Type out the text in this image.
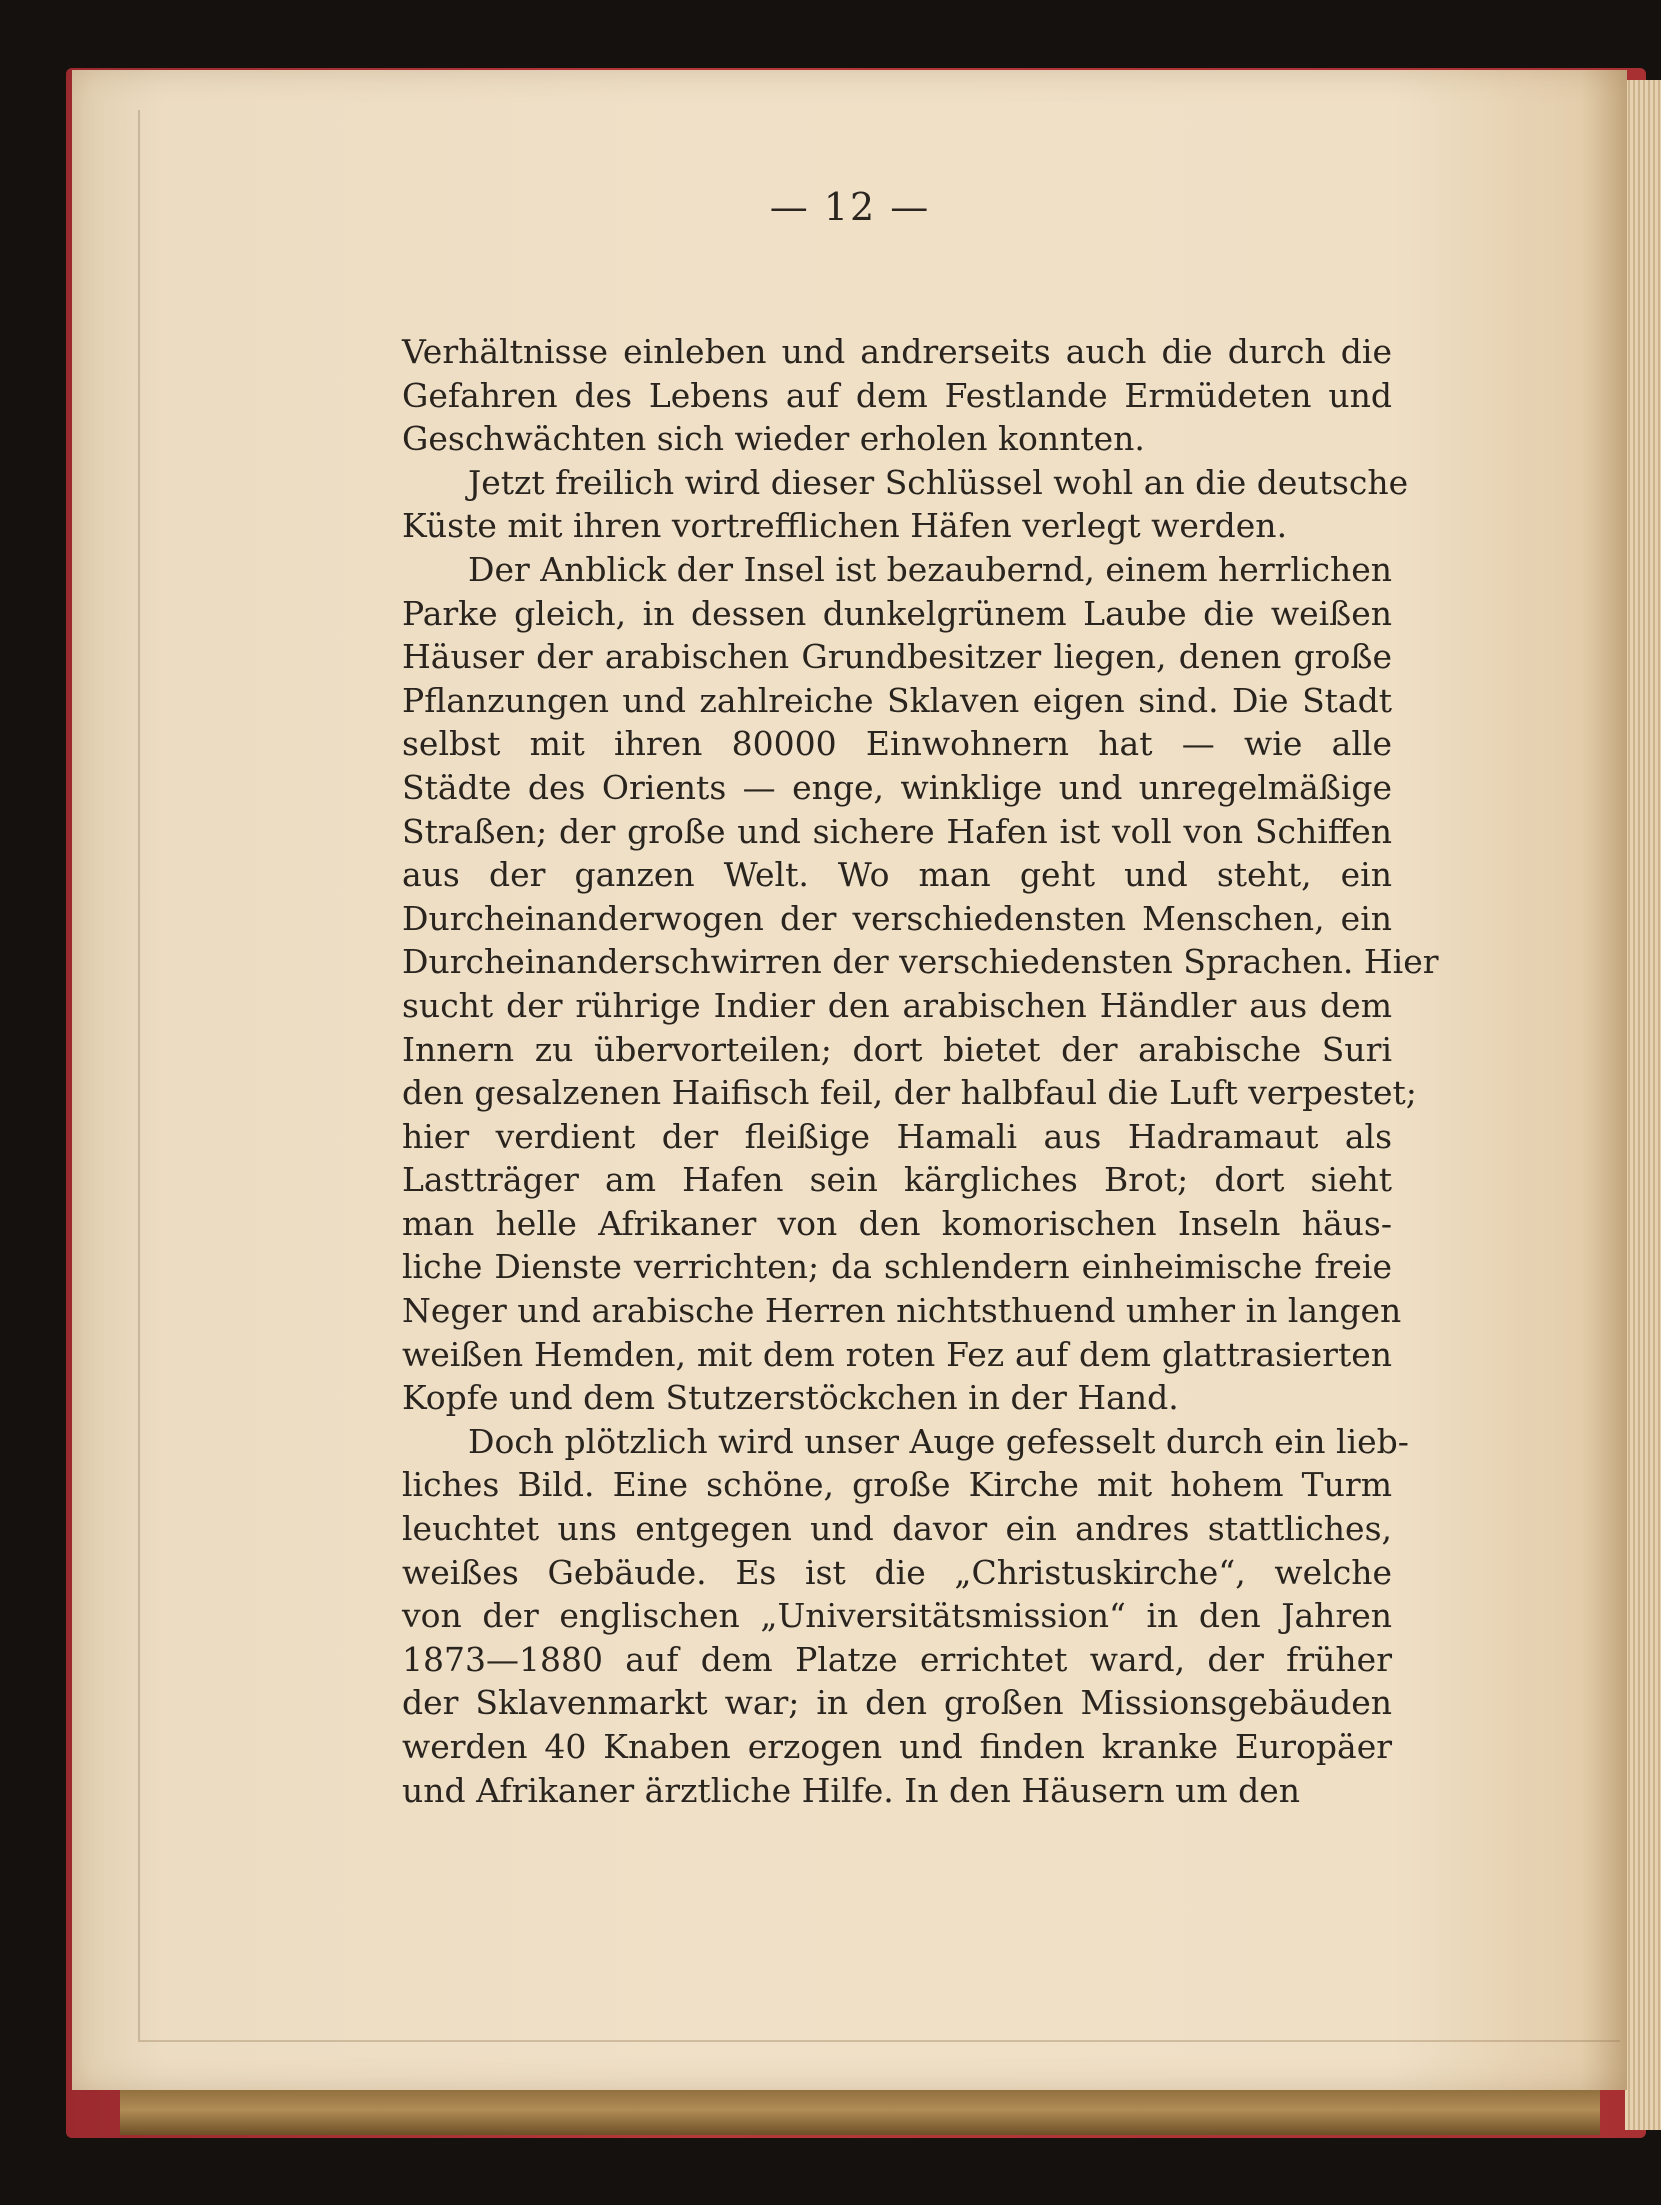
— 12 —
Verhältnisse einleben und andrerseits auch die durch die
Gefahren des Lebens auf dem Festlande Ermüdeten und
Geschwächten sich wieder erholen konnten.
Jetzt freilich wird dieser Schlüssel wohl an die deutsche
Küste mit ihren vortrefflichen Häfen verlegt werden.
Der Anblick der Insel ist bezaubernd, einem herrlichen
Parke gleich, in dessen dunkelgrünem Laube die weißen
Häuser der arabischen Grundbesitzer liegen, denen große
Pflanzungen und zahlreiche Sklaven eigen sind. Die Stadt
selbst mit ihren 80000 Einwohnern hat — wie alle
Städte des Orients — enge, winklige und unregelmäßige
Straßen; der große und sichere Hafen ist voll von Schiffen
aus der ganzen Welt. Wo man geht und steht, ein
Durcheinanderwogen der verschiedensten Menschen, ein
Durcheinanderschwirren der verschiedensten Sprachen. Hier
sucht der rührige Indier den arabischen Händler aus dem
Innern zu übervorteilen; dort bietet der arabische Suri
den gesalzenen Haifisch feil, der halbfaul die Luft verpestet;
hier verdient der fleißige Hamali aus Hadramaut als
Lastträger am Hafen sein kärgliches Brot; dort sieht
man helle Afrikaner von den komorischen Inseln häus-
liche Dienste verrichten; da schlendern einheimische freie
Neger und arabische Herren nichtsthuend umher in langen
weißen Hemden, mit dem roten Fez auf dem glattrasierten
Kopfe und dem Stutzerstöckchen in der Hand.
Doch plötzlich wird unser Auge gefesselt durch ein lieb-
liches Bild. Eine schöne, große Kirche mit hohem Turm
leuchtet uns entgegen und davor ein andres stattliches,
weißes Gebäude. Es ist die „Christuskirche“, welche
von der englischen „Universitätsmission“ in den Jahren
1873—1880 auf dem Platze errichtet ward, der früher
der Sklavenmarkt war; in den großen Missionsgebäuden
werden 40 Knaben erzogen und finden kranke Europäer
und Afrikaner ärztliche Hilfe. In den Häusern um den
